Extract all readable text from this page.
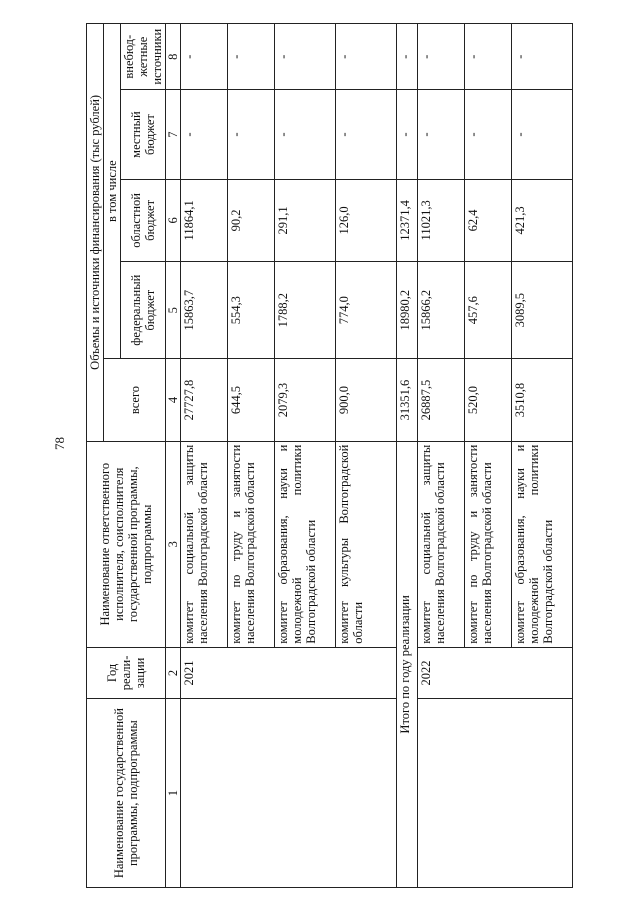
78
Наименование государственной программы, подпрограммы	Год реали-зации	Наименование ответственного исполнителя, соисполнителя государственной программы, подпрограммы	Объемы и источники финансирования (тыс рублей)				
			всего	в том числе			
				федеральный бюджет	областной бюджет	местный бюджет	внебюд-жетные источники
1	2	3	4	5	6	7	8
	2021	комитет социальной защиты населения Волгоградской области	27727,8	15863,7	11864,1	-	-
		комитет по труду и занятости населения Волгоградской области	644,5	554,3	90,2	-	-
		комитет образования, науки и молодежной политики Волгоградской области	2079,3	1788,2	291,1	-	-
		комитет культуры Волгоградской области	900,0	774,0	126,0	-	-
Итого по году реализации			31351,6	18980,2	12371,4	-	-
	2022	комитет социальной защиты населения Волгоградской области	26887,5	15866,2	11021,3	-	-
		комитет по труду и занятости населения Волгоградской области	520,0	457,6	62,4	-	-
		комитет образования, науки и молодежной политики Волгоградской области	3510,8	3089,5	421,3	-	-
